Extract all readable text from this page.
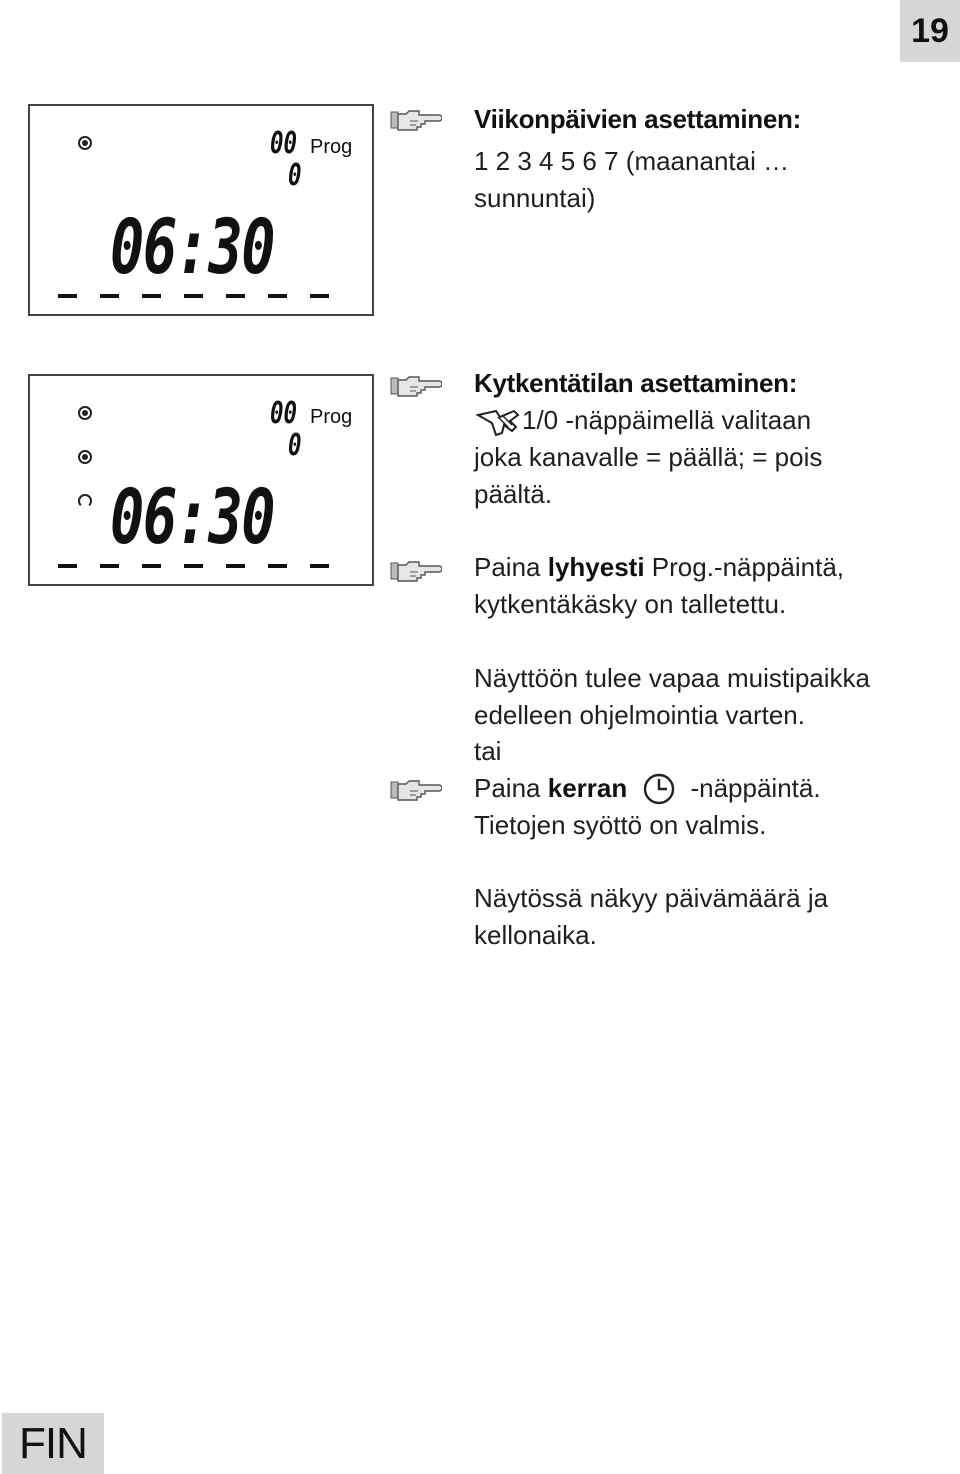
19
00 Prog
0
06:30
00 Prog
0
06:30

Viikonpäivien asettaminen:

1 2 3 4 5 6 7 (maanantai …

sunnuntai)

Kytkentätilan asettaminen:

1/0 -näppäimellä valitaan

joka kanavalle = päällä; = pois

päältä.

Paina lyhyesti Prog.-näppäintä,

kytkentäkäsky on talletettu.

Näyttöön tulee vapaa muistipaikka

edelleen ohjelmointia varten.

tai

Paina kerran -näppäintä.

Tietojen syöttö on valmis.

Näytössä näkyy päivämäärä ja

kellonaika.

FIN
